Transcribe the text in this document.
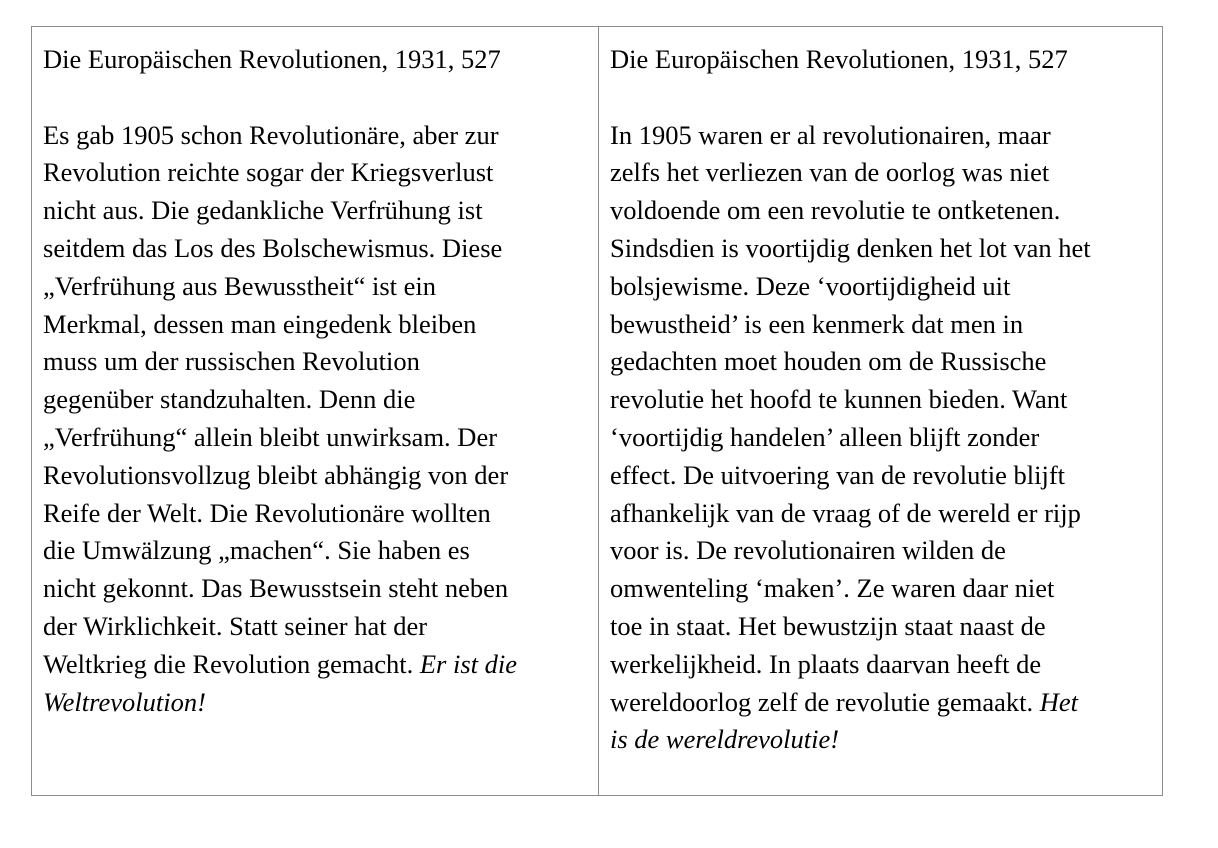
Die Europäischen Revolutionen, 1931, 527

Es gab 1905 schon Revolutionäre, aber zur
Revolution reichte sogar der Kriegsverlust
nicht aus. Die gedankliche Verfrühung ist
seitdem das Los des Bolschewismus. Diese
„Verfrühung aus Bewusstheit“ ist ein
Merkmal, dessen man eingedenk bleiben
muss um der russischen Revolution
gegenüber standzuhalten. Denn die
„Verfrühung“ allein bleibt unwirksam. Der
Revolutionsvollzug bleibt abhängig von der
Reife der Welt. Die Revolutionäre wollten
die Umwälzung „machen“. Sie haben es
nicht gekonnt. Das Bewusstsein steht neben
der Wirklichkeit. Statt seiner hat der
Weltkrieg die Revolution gemacht. Er ist die
Weltrevolution!

Die Europäischen Revolutionen, 1931, 527

In 1905 waren er al revolutionairen, maar
zelfs het verliezen van de oorlog was niet
voldoende om een revolutie te ontketenen.
Sindsdien is voortijdig denken het lot van het
bolsjewisme. Deze ‘voortijdigheid uit
bewustheid’ is een kenmerk dat men in
gedachten moet houden om de Russische
revolutie het hoofd te kunnen bieden. Want
‘voortijdig handelen’ alleen blijft zonder
effect. De uitvoering van de revolutie blijft
afhankelijk van de vraag of de wereld er rijp
voor is. De revolutionairen wilden de
omwenteling ‘maken’. Ze waren daar niet
toe in staat. Het bewustzijn staat naast de
werkelijkheid. In plaats daarvan heeft de
wereldoorlog zelf de revolutie gemaakt. Het
is de wereldrevolutie!
